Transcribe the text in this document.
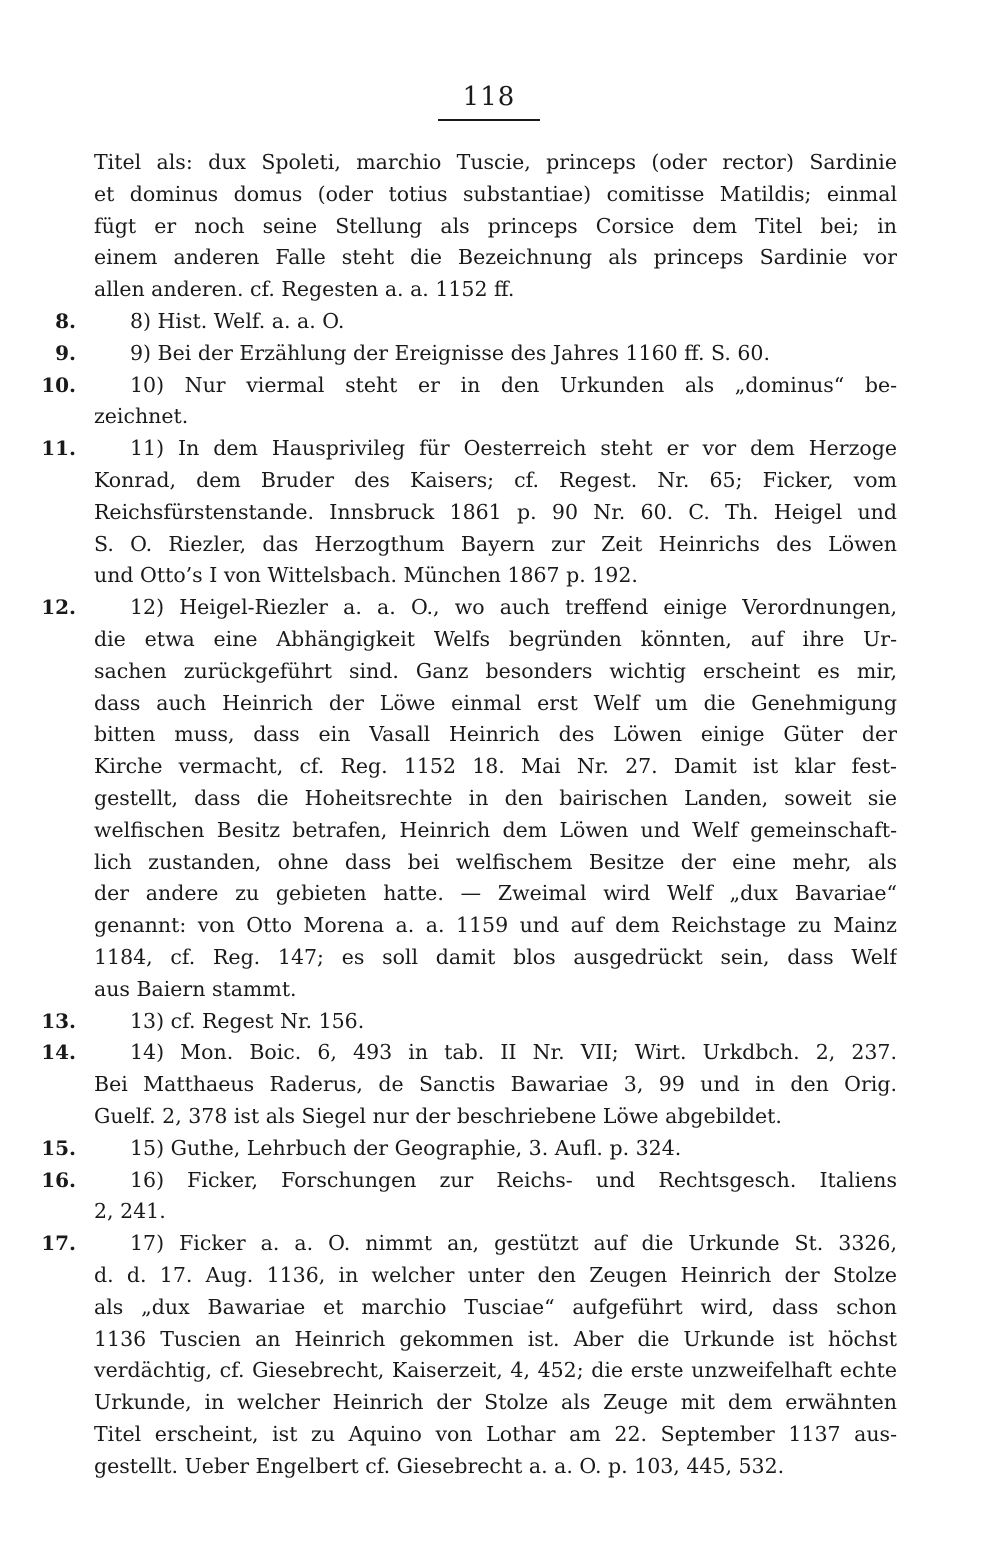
118
Titel als: dux Spoleti, marchio Tuscie, princeps (oder rector) Sardinie
et dominus domus (oder totius substantiae) comitisse Matildis; einmal
fügt er noch seine Stellung als princeps Corsice dem Titel bei; in
einem anderen Falle steht die Bezeichnung als princeps Sardinie vor
allen anderen. cf. Regesten a. a. 1152 ff.
8.	8) Hist. Welf. a. a. O.
9.	9) Bei der Erzählung der Ereignisse des Jahres 1160 ff. S. 60.
10.	10) Nur viermal steht er in den Urkunden als „dominus“ be-
zeichnet.
11.	11) In dem Hausprivileg für Oesterreich steht er vor dem Herzoge
Konrad, dem Bruder des Kaisers; cf. Regest. Nr. 65; Ficker, vom
Reichsfürstenstande. Innsbruck 1861 p. 90 Nr. 60. C. Th. Heigel und
S. O. Riezler, das Herzogthum Bayern zur Zeit Heinrichs des Löwen
und Otto’s I von Wittelsbach. München 1867 p. 192.
12.	12) Heigel-Riezler a. a. O., wo auch treffend einige Verordnungen,
die etwa eine Abhängigkeit Welfs begründen könnten, auf ihre Ur-
sachen zurückgeführt sind. Ganz besonders wichtig erscheint es mir,
dass auch Heinrich der Löwe einmal erst Welf um die Genehmigung
bitten muss, dass ein Vasall Heinrich des Löwen einige Güter der
Kirche vermacht, cf. Reg. 1152 18. Mai Nr. 27. Damit ist klar fest-
gestellt, dass die Hoheitsrechte in den bairischen Landen, soweit sie
welfischen Besitz betrafen, Heinrich dem Löwen und Welf gemeinschaft-
lich zustanden, ohne dass bei welfischem Besitze der eine mehr, als
der andere zu gebieten hatte. — Zweimal wird Welf „dux Bavariae“
genannt: von Otto Morena a. a. 1159 und auf dem Reichstage zu Mainz
1184, cf. Reg. 147; es soll damit blos ausgedrückt sein, dass Welf
aus Baiern stammt.
13.	13) cf. Regest Nr. 156.
14.	14) Mon. Boic. 6, 493 in tab. II Nr. VII; Wirt. Urkdbch. 2, 237.
Bei Matthaeus Raderus, de Sanctis Bawariae 3, 99 und in den Orig.
Guelf. 2, 378 ist als Siegel nur der beschriebene Löwe abgebildet.
15.	15) Guthe, Lehrbuch der Geographie, 3. Aufl. p. 324.
16.	16) Ficker, Forschungen zur Reichs- und Rechtsgesch. Italiens
2, 241.
17.	17) Ficker a. a. O. nimmt an, gestützt auf die Urkunde St. 3326,
d. d. 17. Aug. 1136, in welcher unter den Zeugen Heinrich der Stolze
als „dux Bawariae et marchio Tusciae“ aufgeführt wird, dass schon
1136 Tuscien an Heinrich gekommen ist. Aber die Urkunde ist höchst
verdächtig, cf. Giesebrecht, Kaiserzeit, 4, 452; die erste unzweifelhaft echte
Urkunde, in welcher Heinrich der Stolze als Zeuge mit dem erwähnten
Titel erscheint, ist zu Aquino von Lothar am 22. September 1137 aus-
gestellt. Ueber Engelbert cf. Giesebrecht a. a. O. p. 103, 445, 532.
